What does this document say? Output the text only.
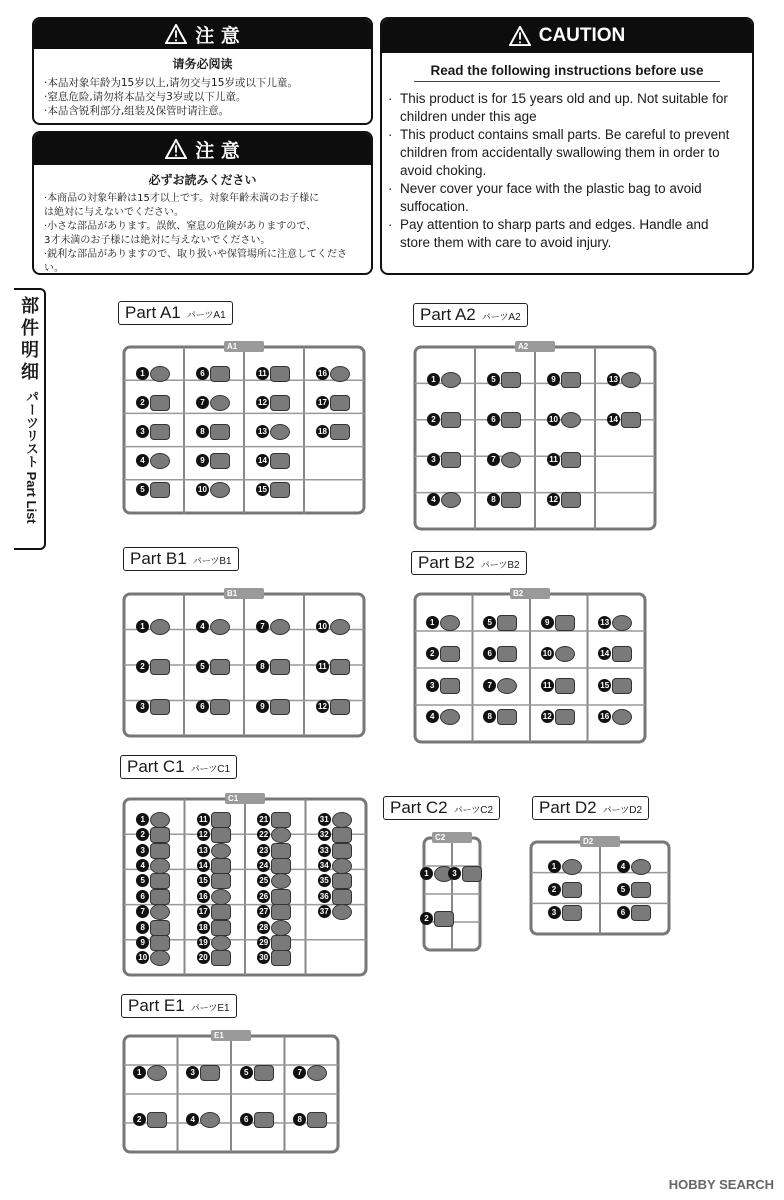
注 意
请务必阅读
·本品对象年龄为15岁以上,请勿交与15岁或以下儿童。
·窒息危险,请勿将本品交与3岁或以下儿童。
·本品含锐利部分,组装及保管时请注意。
注 意
必ずお読みください
·本商品の対象年齢は15才以上です。対象年齢未満のお子様に
は絶対に与えないでください。
·小さな部品があります。誤飲、窒息の危険がありますので、
3才未満のお子様には絶対に与えないでください。
·鋭利な部品がありますので、取り扱いや保管場所に注意してください。
CAUTION
Read the following instructions before use
· This product is for 15 years old and up. Not suitable for children under this age
· This product contains small parts. Be careful to prevent children from accidentally swallowing them in order to avoid choking.
· Never cover your face with the plastic bag to avoid suffocation.
· Pay attention to sharp parts and edges. Handle and store them with care to avoid injury.
部件明细
パーツリスト Part List
Part A1 パーツA1	Part A2 パーツA2
Part B1 パーツB1	Part B2 パーツB2
Part C1 パーツC1
Part C2 パーツC2	Part D2 パーツD2
Part E1 パーツE1
A1
1
2
3
4
5
6
7
8
9
10
11
12
13
14
15
16
17
18
A2
1
2
3
4
5
6
7
8
9
10
11
12
13
14
B1
1
2
3
4
5
6
7
8
9
10
11
12
B2
1
2
3
4
5
6
7
8
9
10
11
12
13
14
15
16
C1
1
2
3
4
5
6
7
8
9
10
11
12
13
14
15
16
17
18
19
20
21
22
23
24
25
26
27
28
29
30
31
32
33
34
35
36
37
C2
1
2
3
D2
1
2
3
4
5
6
E1
1
2
3
4
5
6
7
8
HOBBY SEARCH
